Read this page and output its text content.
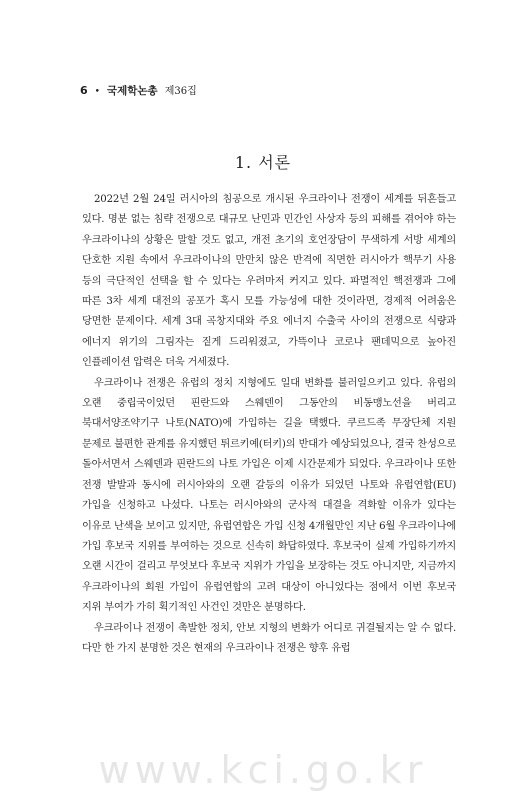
6 • 국제학논총 제36집
1. 서론

2022년 2월 24일 러시아의 침공으로 개시된 우크라이나 전쟁이 세계를 뒤흔들고 있다. 명분 없는 침략 전쟁으로 대규모 난민과 민간인 사상자 등의 피해를 겪어야 하는 우크라이나의 상황은 말할 것도 없고, 개전 초기의 호언장담이 무색하게 서방 세계의 단호한 지원 속에서 우크라이나의 만만치 않은 반격에 직면한 러시아가 핵무기 사용 등의 극단적인 선택을 할 수 있다는 우려마저 커지고 있다. 파멸적인 핵전쟁과 그에 따른 3차 세계 대전의 공포가 혹시 모를 가능성에 대한 것이라면, 경제적 어려움은 당면한 문제이다. 세계 3대 곡창지대와 주요 에너지 수출국 사이의 전쟁으로 식량과 에너지 위기의 그림자는 짙게 드리워졌고, 가뜩이나 코로나 팬데믹으로 높아진 인플레이션 압력은 더욱 거세졌다.

우크라이나 전쟁은 유럽의 정치 지형에도 일대 변화를 불러일으키고 있다. 유럽의 오랜 중립국이었던 핀란드와 스웨덴이 그동안의 비동맹노선을 버리고 북대서양조약기구 나토(NATO)에 가입하는 길을 택했다. 쿠르드족 무장단체 지원 문제로 불편한 관계를 유지했던 튀르키예(터키)의 반대가 예상되었으나, 결국 찬성으로 돌아서면서 스웨덴과 핀란드의 나토 가입은 이제 시간문제가 되었다. 우크라이나 또한 전쟁 발발과 동시에 러시아와의 오랜 갈등의 이유가 되었던 나토와 유럽연합(EU) 가입을 신청하고 나섰다. 나토는 러시아와의 군사적 대결을 격화할 이유가 있다는 이유로 난색을 보이고 있지만, 유럽연합은 가입 신청 4개월만인 지난 6월 우크라이나에 가입 후보국 지위를 부여하는 것으로 신속히 화답하였다. 후보국이 실제 가입하기까지 오랜 시간이 걸리고 무엇보다 후보국 지위가 가입을 보장하는 것도 아니지만, 지금까지 우크라이나의 회원 가입이 유럽연합의 고려 대상이 아니었다는 점에서 이번 후보국 지위 부여가 가히 획기적인 사건인 것만은 분명하다.

우크라이나 전쟁이 촉발한 정치, 안보 지형의 변화가 어디로 귀결될지는 알 수 없다. 다만 한 가지 분명한 것은 현재의 우크라이나 전쟁은 향후 유럽

www.kci.go.kr
